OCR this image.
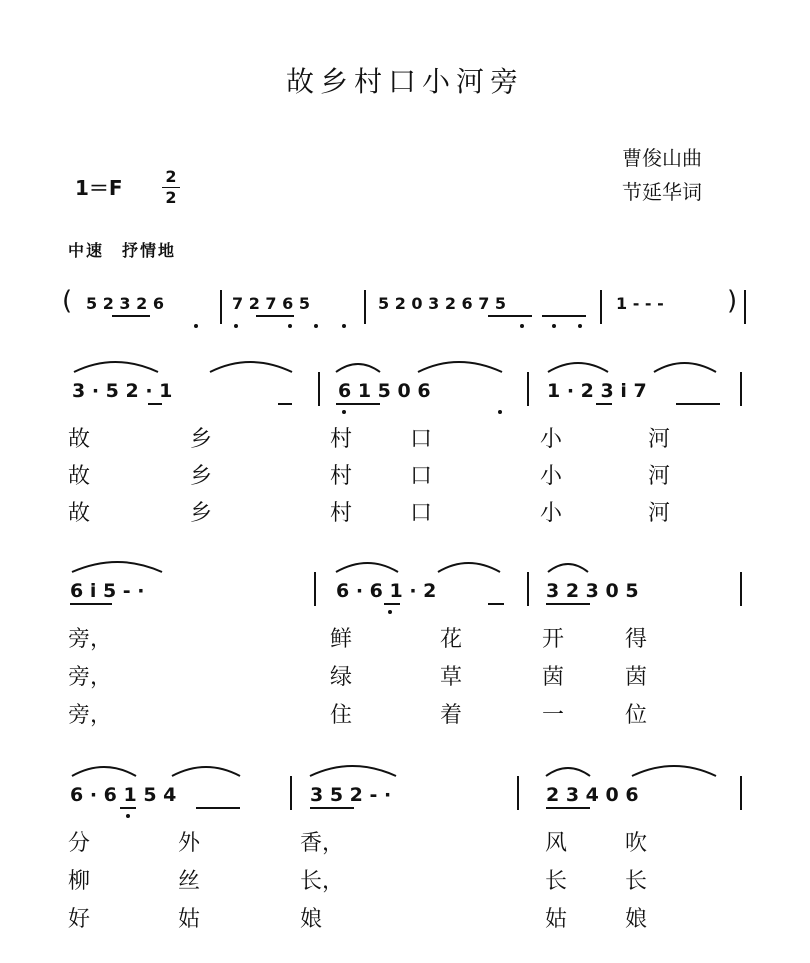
故乡村口小河旁
曹俊山曲
节延华词
1＝F	2
2
中速　抒情地
( 5 2 3 2 6	7 2 7 6 5	5 2 0 3 2 6 7 5	1 - - - )
3 · 5 2 · 1	6 1 5 0 6	1 · 2 3 i 7
故	乡	村	口	小	河
故	乡	村	口	小	河
故	乡	村	口	小	河
6 i 5 - ·	6 · 6 1 · 2	3 2 3 0 5
旁，	鲜	花	开	得
旁，	绿	草	茵	茵
旁，	住	着	一	位
6 · 6 1 5 4	3 5 2 - ·	2 3 4 0 6
分	外	香，	风	吹
柳	丝	长，	长	长
好	姑	娘	姑	娘
